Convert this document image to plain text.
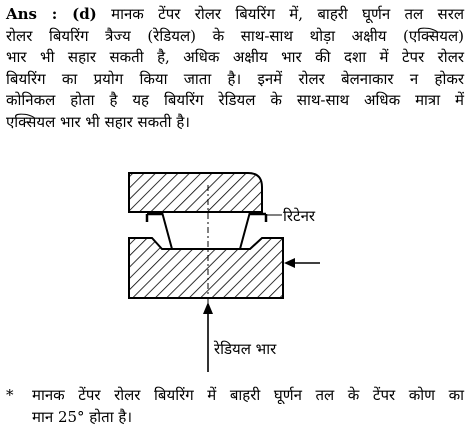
Ans : (d) मानक टेंपर रोलर बियरिंग में, बाहरी घूर्णन तल सरल
रोलर बियरिंग त्रैज्य (रेडियल) के साथ-साथ थोड़ा अक्षीय (एक्सियल)
भार भी सहार सकती है, अधिक अक्षीय भार की दशा में टेपर रोलर
बियरिंग का प्रयोग किया जाता है। इनमें रोलर बेलनाकार न होकर
कोनिकल होता है यह बियरिंग रेडियल के साथ-साथ अधिक मात्रा में
एक्सियल भार भी सहार सकती है।
रिटेनर
रेडियल भार
* मानक टेंपर रोलर बियरिंग में बाहरी घूर्णन तल के टेंपर कोण का
मान 25° होता है।
